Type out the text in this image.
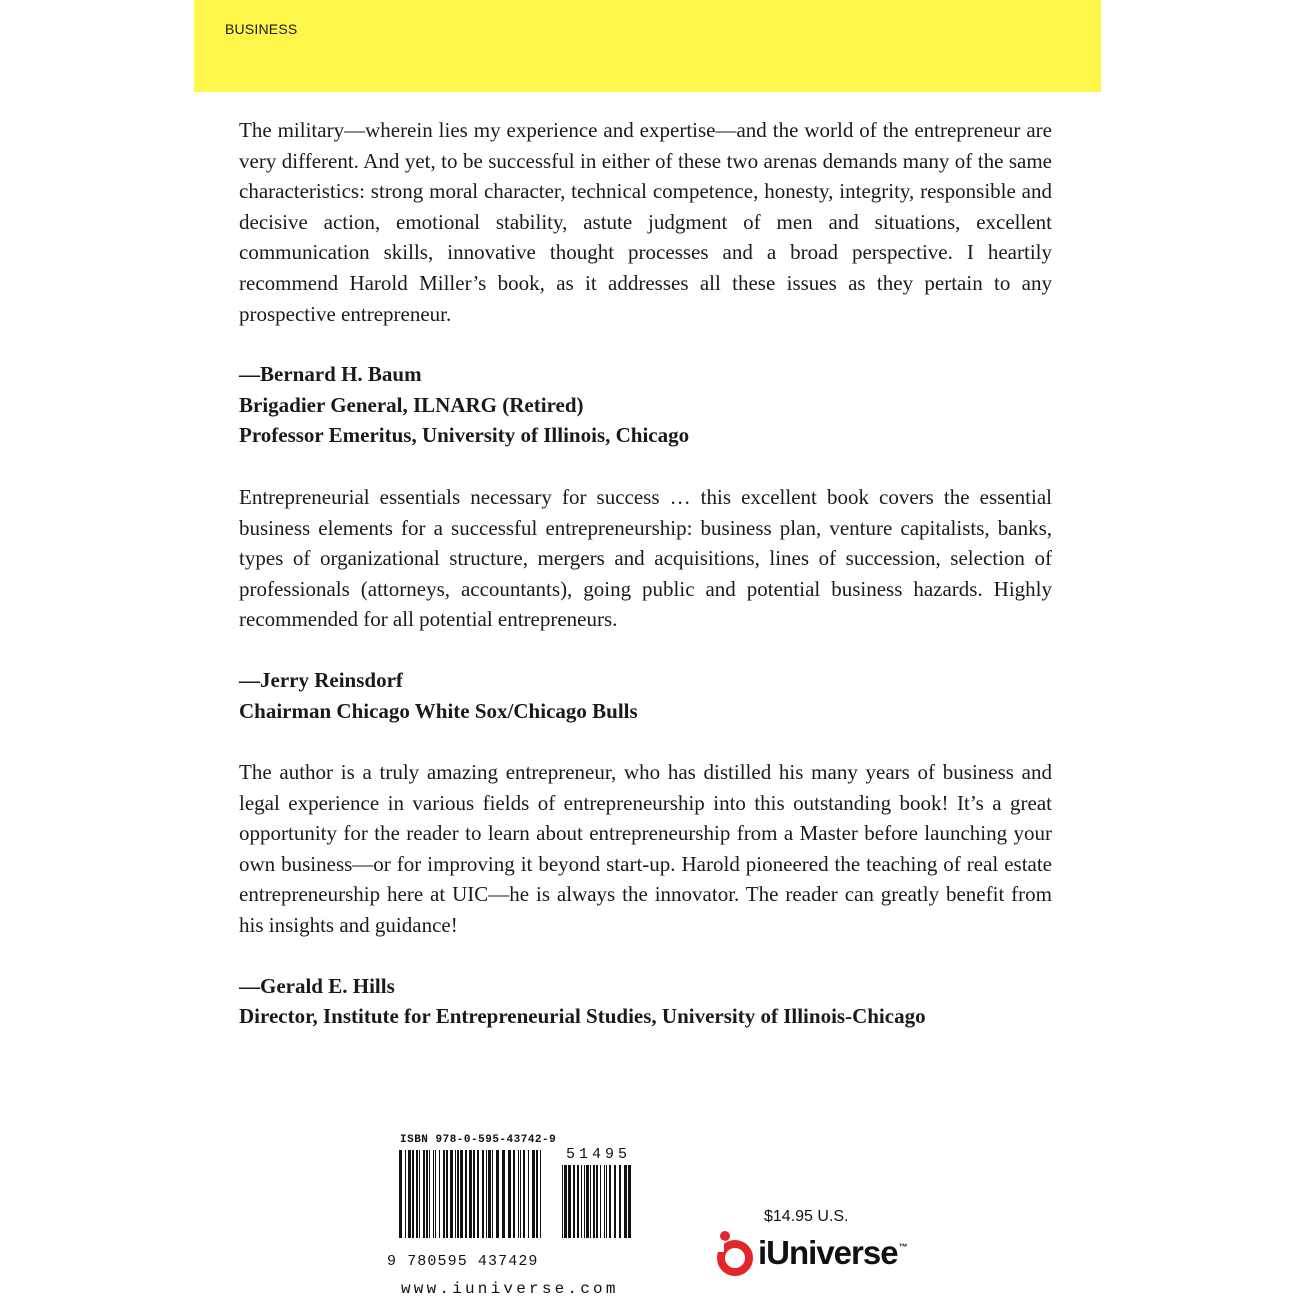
BUSINESS

The military—wherein lies my experience and expertise—and the world of the entrepreneur are very different. And yet, to be successful in either of these two arenas demands many of the same characteristics: strong moral character, technical competence, honesty, integrity, responsible and decisive action, emotional stability, astute judgment of men and situations, excellent communication skills, innovative thought processes and a broad perspective. I heartily recommend Harold Miller’s book, as it addresses all these issues as they pertain to any prospective entrepreneur.

—Bernard H. Baum
Brigadier General, ILNARG (Retired)
Professor Emeritus, University of Illinois, Chicago

Entrepreneurial essentials necessary for success … this excellent book covers the essential business elements for a successful entrepreneurship: business plan, venture capitalists, banks, types of organizational structure, mergers and acquisitions, lines of succession, selection of professionals (attorneys, accountants), going public and potential business hazards. Highly recommended for all potential entrepreneurs.

—Jerry Reinsdorf
Chairman Chicago White Sox/Chicago Bulls

The author is a truly amazing entrepreneur, who has distilled his many years of business and legal experience in various fields of entrepreneurship into this outstanding book! It’s a great opportunity for the reader to learn about entrepreneurship from a Master before launching your own business—or for improving it beyond start-up. Harold pioneered the teaching of real estate entrepreneurship here at UIC—he is always the innovator. The reader can greatly benefit from his insights and guidance!

—Gerald E. Hills
Director, Institute for Entrepreneurial Studies, University of Illinois-Chicago
ISBN 978-0-595-43742-9
51495
9 780595 437429
www.iuniverse.com
$14.95 U.S.
iUniverse ™
